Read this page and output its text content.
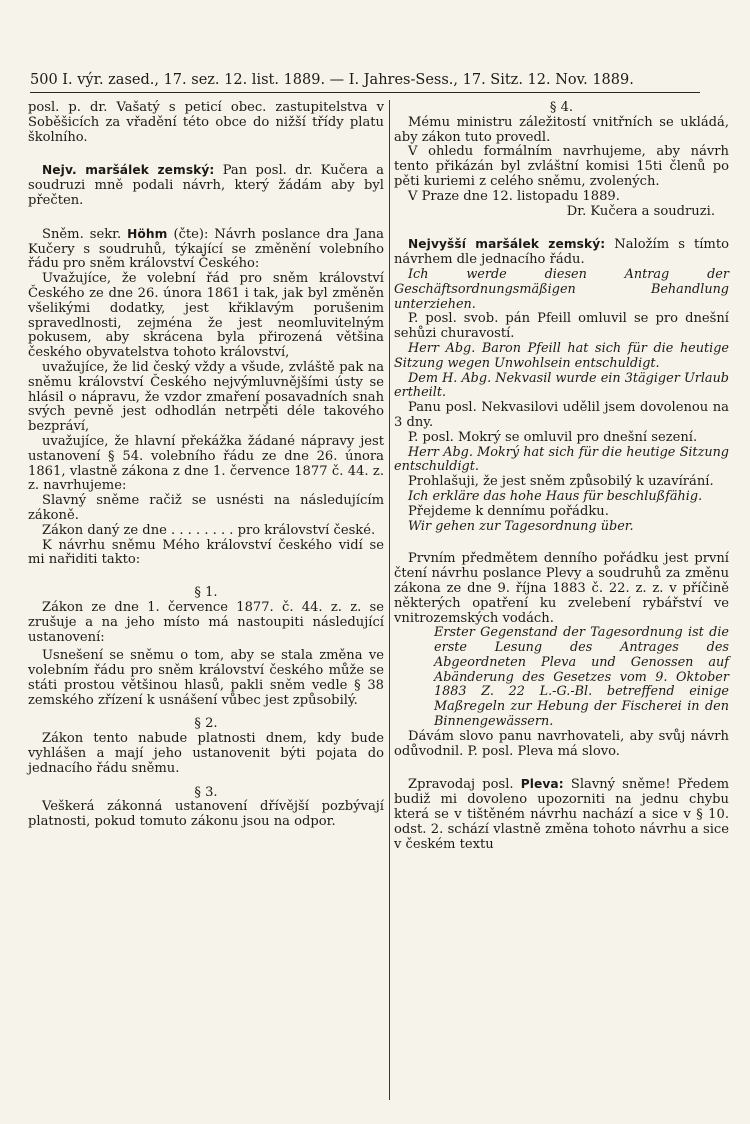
500 I. výr. zased., 17. sez. 12. list. 1889. — I. Jahres-Sess., 17. Sitz. 12. Nov. 1889.

posl. p. dr. Vašatý s peticí obec. zastupitelstva v Soběšicích za vřadění této obce do nižší třídy platu školního.

Nejv. maršálek zemský: Pan posl. dr. Kučera a soudruzi mně podali návrh, který žádám aby byl přečten.

Sněm. sekr. Höhm (čte): Návrh poslance dra Jana Kučery s soudruhů, týkající se změnění volebního řádu pro sněm království Českého:

Uvažujíce, že volební řád pro sněm království Českého ze dne 26. února 1861 i tak, jak byl změněn všelikými dodatky, jest křiklavým porušenim spravedlnosti, zejména že jest neomluvitelným pokusem, aby skrácena byla přirozená většina českého obyvatelstva tohoto království,

uvažujíce, že lid český vždy a všude, zvláště pak na sněmu království Českého nejvýmluvnějšími ústy se hlásil o nápravu, že vzdor zmaření posavadních snah svých pevně jest odhodlán netrpěti déle takového bezpráví,

uvažujíce, že hlavní překážka žádané nápravy jest ustanovení § 54. volebního řádu ze dne 26. února 1861, vlastně zákona z dne 1. července 1877 č. 44. z. z. navrhujeme:

Slavný sněme račiž se usnésti na následujícím zákoně.

Zákon daný ze dne . . . . . . . . pro království české.

K návrhu sněmu Mého království českého vidí se mi nařiditi takto:

§ 1.

Zákon ze dne 1. července 1877. č. 44. z. z. se zrušuje a na jeho místo má nastoupiti následující ustanovení:

Usnešení se sněmu o tom, aby se stala změna ve volebním řádu pro sněm království českého může se státi prostou většinou hlasů, pakli sněm vedle § 38 zemského zřízení k usnášení vůbec jest způsobilý.

§ 2.

Zákon tento nabude platnosti dnem, kdy bude vyhlášen a mají jeho ustanovenit býti pojata do jednacího řádu sněmu.

§ 3.

Veškerá zákonná ustanovení dřívější pozbývají platnosti, pokud tomuto zákonu jsou na odpor.

§ 4.

Mému ministru záležitostí vnitřních se ukládá, aby zákon tuto provedl.

V ohledu formálním navrhujeme, aby návrh tento přikázán byl zvláštní komisi 15ti členů po pěti kuriemi z celého sněmu, zvolených.

V Praze dne 12. listopadu 1889.

Dr. Kučera a soudruzi.

Nejvyšší maršálek zemský: Naložím s tímto návrhem dle jednacího řádu.

Ich werde diesen Antrag der Geschäftsordnungsmäßigen Behandlung unterziehen.

P. posl. svob. pán Pfeill omluvil se pro dnešní sehůzi churavostí.

Herr Abg. Baron Pfeill hat sich für die heutige Sitzung wegen Unwohlsein entschuldigt.

Dem H. Abg. Nekvasil wurde ein 3tägiger Urlaub ertheilt.

Panu posl. Nekvasilovi udělil jsem dovolenou na 3 dny.

P. posl. Mokrý se omluvil pro dnešní sezení.

Herr Abg. Mokrý hat sich für die heutige Sitzung entschuldigt.

Prohlašuji, že jest sněm způsobilý k uzavírání.

Ich erkläre das hohe Haus für beschlußfähig.

Přejdeme k dennímu pořádku.

Wir gehen zur Tagesordnung über.

Prvním předmětem denního pořádku jest první čtení návrhu poslance Plevy a soudruhů za změnu zákona ze dne 9. října 1883 č. 22. z. z. v příčině některých opatření ku zvelebení rybářství ve vnitrozemských vodách.

Erster Gegenstand der Tagesordnung ist die erste Lesung des Antrages des Abgeordneten Pleva und Genossen auf Abänderung des Gesetzes vom 9. Oktober 1883 Z. 22 L.-G.-Bl. betreffend einige Maßregeln zur Hebung der Fischerei in den Binnengewässern.

Dávám slovo panu navrhovateli, aby svůj návrh odůvodnil. P. posl. Pleva má slovo.

Zpravodaj posl. Pleva: Slavný sněme! Předem budiž mi dovoleno upozorniti na jednu chybu která se v tištěném návrhu nachází a sice v § 10. odst. 2. schází vlastně změna tohoto návrhu a sice v českém textu
